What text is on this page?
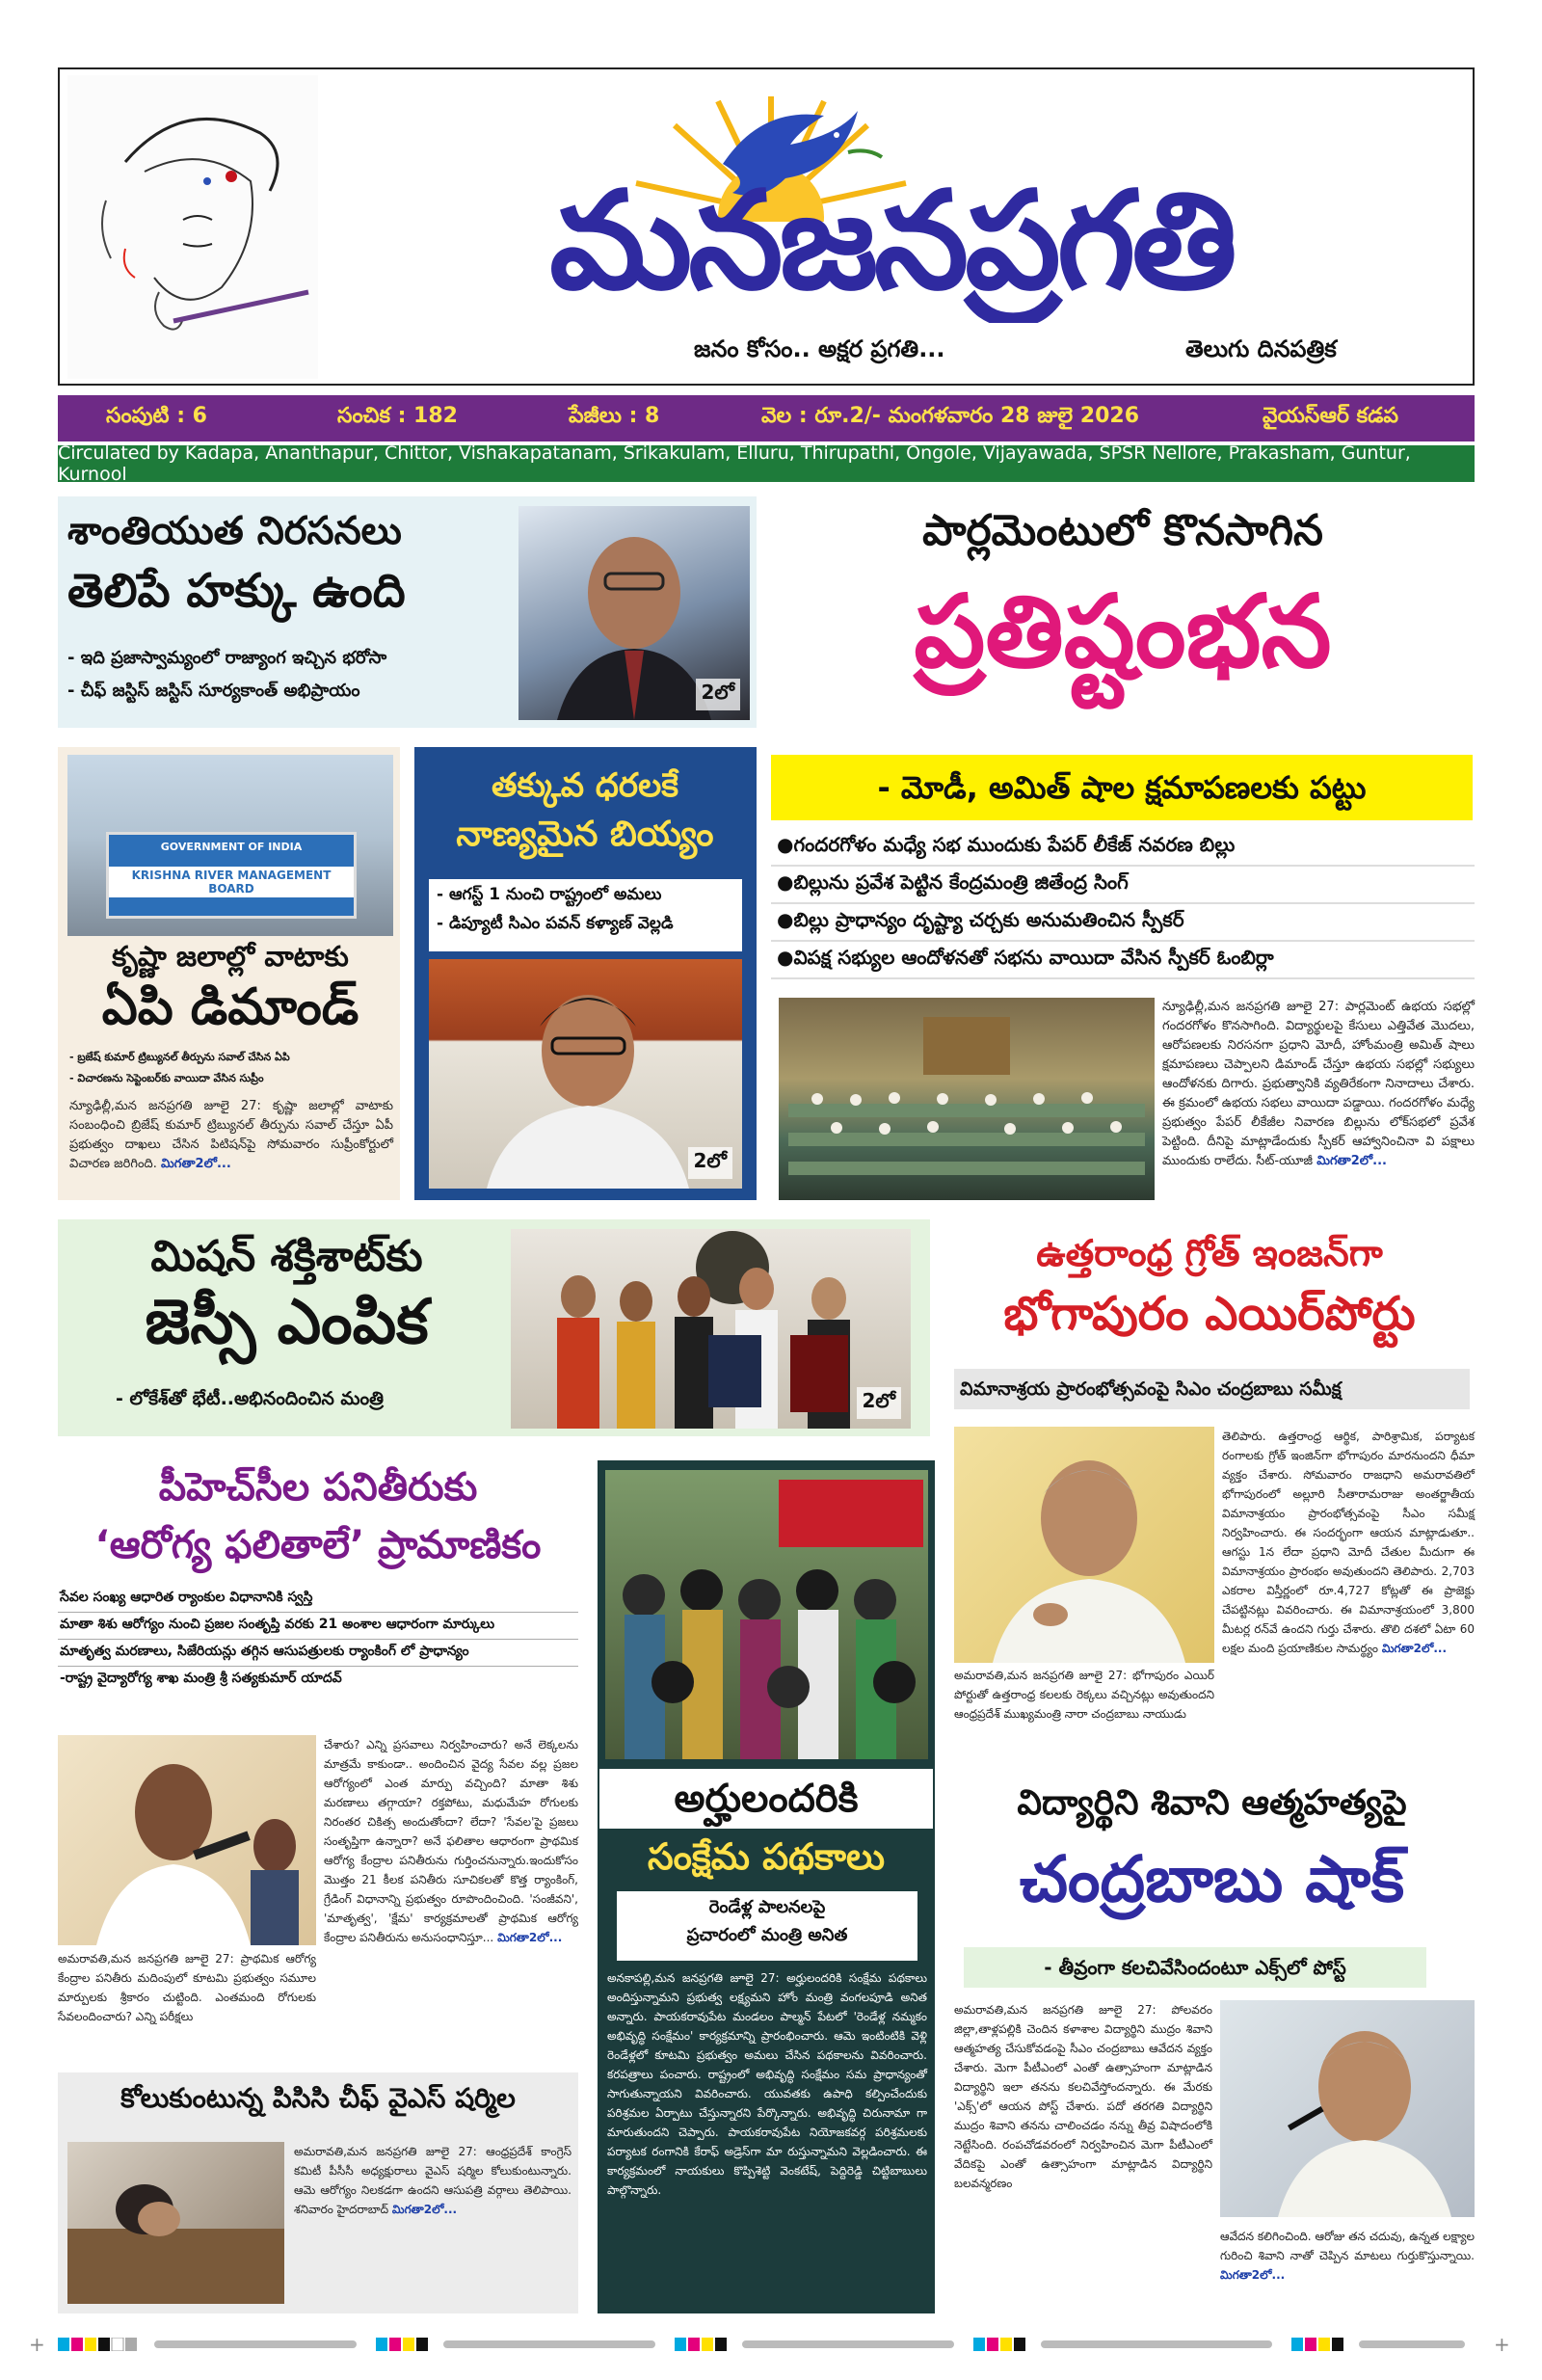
మనజనప్రగతి
జనం కోసం.. అక్షర ప్రగతి...	తెలుగు దినపత్రిక
సంపుటి : 6	సంచిక : 182	పేజీలు : 8	వెల : రూ.2/- మంగళవారం 28 జులై 2026	వైయస్ఆర్ కడప
Circulated by Kadapa, Ananthapur, Chittor, Vishakapatanam, Srikakulam, Elluru, Thirupathi, Ongole, Vijayawada, SPSR Nellore, Prakasham, Guntur, Kurnool
శాంతియుత నిరసనలు
తెలిపే హక్కు ఉంది
- ఇది ప్రజాస్వామ్యంలో రాజ్యాంగ ఇచ్చిన భరోసా
- చీఫ్ జస్టిస్ జస్టిస్ సూర్యకాంత్ అభిప్రాయం	2లో
పార్లమెంటులో కొనసాగిన
ప్రతిష్టంభన
GOVERNMENT OF INDIA
KRISHNA RIVER MANAGEMENT BOARD
కృష్ణా జలాల్లో వాటాకు
ఏపి డిమాండ్
- బ్రజేష్ కుమార్ ట్రిబ్యునల్ తీర్పును సవాల్ చేసిన ఏపి
- విచారణను సెప్టెంబర్‌కు వాయిదా వేసిన సుప్రీం
న్యూఢిల్లీ,మన జనప్రగతి జూలై 27: కృష్ణా జలాల్లో వాటాకు సంబంధించి బ్రిజేష్ కుమార్ ట్రిబ్యునల్ తీర్పును సవాల్ చేస్తూ ఏపీ ప్రభుత్వం దాఖలు చేసిన పిటిషన్‌పై సోమవారం సుప్రీంకోర్టులో విచారణ జరిగింది. మిగతా2లో...
తక్కువ ధరలకే
నాణ్యమైన బియ్యం
- ఆగస్ట్ 1 నుంచి రాష్ట్రంలో అమలు
- డిప్యూటీ సిఎం పవన్ కళ్యాణ్ వెల్లడి
2లో
- మోడీ, అమిత్ షాల క్షమాపణలకు పట్టు
●గందరగోళం మధ్యే సభ ముందుకు పేపర్ లీకేజ్ నవరణ బిల్లు
●బిల్లును ప్రవేశ పెట్టిన కేంద్రమంత్రి జితేంద్ర సింగ్
●బిల్లు ప్రాధాన్యం దృష్ట్యా చర్చకు అనుమతించిన స్పీకర్
●విపక్ష సభ్యుల ఆందోళనతో సభను వాయిదా వేసిన స్పీకర్ ఓంబిర్లా
న్యూఢిల్లీ,మన జనప్రగతి జూలై 27: పార్లమెంట్ ఉభయ సభల్లో గందరగోళం కొనసాగింది. విద్యార్థులపై కేసులు ఎత్తివేత మొదలు, ఆరోపణలకు నిరసనగా ప్రధాని మోదీ, హోంమంత్రి అమిత్ షాలు క్షమాపణలు చెప్పాలని డిమాండ్ చేస్తూ ఉభయ సభల్లో సభ్యులు ఆందోళనకు దిగారు. ప్రభుత్వానికి వ్యతిరేకంగా నినాదాలు చేశారు. ఈ క్రమంలో ఉభయ సభలు వాయిదా పడ్డాయి. గందరగోళం మధ్యే ప్రభుత్వం పేపర్ లీకేజీల నివారణ బిల్లును లోక్‌సభలో ప్రవేశ పెట్టింది. దీనిపై మాట్లాడేందుకు స్పీకర్ ఆహ్వానించినా వి పక్షాలు ముందుకు రాలేదు. సీట్-యూజీ మిగతా2లో...
మిషన్ శక్తిశాట్‌కు
జెస్సీ ఎంపిక
- లోకేశ్‌తో భేటీ..అభినందించిన మంత్రి	2లో
ఉత్తరాంధ్ర గ్రోత్ ఇంజన్‌గా
భోగాపురం ఎయిర్‌పోర్టు
విమానాశ్రయ ప్రారంభోత్సవంపై సిఎం చంద్రబాబు సమీక్ష
పీహెచ్‌సీల పనితీరుకు
‘ఆరోగ్య ఫలితాలే’ ప్రామాణికం
సేవల సంఖ్య ఆధారిత ర్యాంకుల విధానానికి స్వస్తి
మాతా శిశు ఆరోగ్యం నుంచి ప్రజల సంతృప్తి వరకు 21 అంశాల ఆధారంగా మార్కులు
మాతృత్వ మరణాలు, సిజేరియన్లు తగ్గిన ఆసుపత్రులకు ర్యాంకింగ్ లో ప్రాధాన్యం
-రాష్ట్ర వైద్యారోగ్య శాఖ మంత్రి శ్రీ సత్యకుమార్ యాదవ్
అమరావతి,మన జనప్రగతి జూలై 27: ప్రాథమిక ఆరోగ్య కేంద్రాల పనితీరు మదింపులో కూటమి ప్రభుత్వం సమూల మార్పులకు శ్రీకారం చుట్టింది. ఎంతమంది రోగులకు సేవలందించారు? ఎన్ని పరీక్షలు
చేశారు? ఎన్ని ప్రసవాలు నిర్వహించారు? అనే లెక్కలను మాత్రమే కాకుండా.. అందించిన వైద్య సేవల వల్ల ప్రజల ఆరోగ్యంలో ఎంత మార్పు వచ్చింది? మాతా శిశు మరణాలు తగ్గాయా? రక్తపోటు, మధుమేహ రోగులకు నిరంతర చికిత్స అందుతోందా? లేదా? 'సేవల'పై ప్రజలు సంతృప్తిగా ఉన్నారా? అనే ఫలితాల ఆధారంగా ప్రాథమిక ఆరోగ్య కేంద్రాల పనితీరును గుర్తించనున్నారు.ఇందుకోసం మొత్తం 21 కీలక పనితీరు సూచికలతో కొత్త ర్యాంకింగ్, గ్రేడింగ్ విధానాన్ని ప్రభుత్వం రూపొందించింది. 'సంజీవని', 'మాతృత్వ', 'క్షేమ' కార్యక్రమాలతో ప్రాథమిక ఆరోగ్య కేంద్రాల పనితీరును అనుసంధానిస్తూ... మిగతా2లో...
అర్హులందరికి
సంక్షేమ పథకాలు
రెండేళ్ల పాలనలపై
ప్రచారంలో మంత్రి అనిత
అనకాపల్లి,మన జనప్రగతి జూలై 27: అర్హులందరికి సంక్షేమ పథకాలు అందిస్తున్నామని ప్రభుత్వ లక్ష్యమని హోం మంత్రి వంగలపూడి అనిత అన్నారు. పాయకరావుపేట మండలం పాల్మన్ పేటలో 'రెండేళ్ల నమ్మకం అభివృద్ధి సంక్షేమం' కార్యక్రమాన్ని ప్రారంభించారు. ఆమె ఇంటింటికి వెళ్లి రెండేళ్లలో కూటమి ప్రభుత్వం అమలు చేసిన పథకాలను వివరించారు. కరపత్రాలు పంచారు. రాష్ట్రంలో అభివృద్ధి సంక్షేమం సమ ప్రాధాన్యంతో సాగుతున్నాయని వివరించారు. యువతకు ఉపాధి కల్పించేందుకు పరిశ్రమల ఏర్పాటు చేస్తున్నారని పేర్కొన్నారు. అభివృద్ధి చిరునామా గా మారుతుందని చెప్పారు. పాయకరావుపేట నియోజకవర్గ పరిశ్రమలకు పర్యాటక రంగానికి కేరాఫ్ అడ్రెస్‌గా మా రుస్తున్నామని వెల్లడించారు. ఈ కార్యక్రమంలో నాయకులు కొప్పిశెట్టి వెంకటేష్, పెద్దిరెడ్డి చిట్టిబాబులు పాల్గొన్నారు.
తెలిపారు. ఉత్తరాంధ్ర ఆర్థిక, పారిశ్రామిక, పర్యాటక రంగాలకు గ్రోత్ ఇంజిన్‌గా భోగాపురం మారనుందని ధీమా వ్యక్తం చేశారు. సోమవారం రాజధాని అమరావతిలో భోగాపురంలో అల్లూరి సీతారామరాజు అంతర్జాతీయ విమానాశ్రయం ప్రారంభోత్సవంపై సీఎం సమీక్ష నిర్వహించారు. ఈ సందర్భంగా ఆయన మాట్లాడుతూ.. ఆగస్టు 1న లేదా ప్రధాని మోదీ చేతుల మీదుగా ఈ విమానాశ్రయం ప్రారంభం అవుతుందని తెలిపారు. 2,703 ఎకరాల విస్తీర్ణంలో రూ.4,727 కోట్లతో ఈ ప్రాజెక్టు చేపట్టినట్లు వివరించారు. ఈ విమానాశ్రయంలో 3,800 మీటర్ల రన్‌వే ఉందని గుర్తు చేశారు. తొలి దశలో ఏటా 60 లక్షల మంది ప్రయాణికుల సామర్థ్యం మిగతా2లో...
అమరావతి,మన జనప్రగతి జూలై 27: భోగాపురం ఎయిర్ పోర్టుతో ఉత్తరాంధ్ర కలలకు రెక్కలు వచ్చినట్లు అవుతుందని ఆంధ్రప్రదేశ్ ముఖ్యమంత్రి నారా చంద్రబాబు నాయుడు
విద్యార్థిని శివాని ఆత్మహత్యపై
చంద్రబాబు షాక్
- తీవ్రంగా కలచివేసిందంటూ ఎక్స్‌లో పోస్ట్
అమరావతి,మన జనప్రగతి జూలై 27: పోలవరం జిల్లా,తాళ్లపల్లికి చెందిన కళాశాల విద్యార్థిని ముద్రం శివాని ఆత్మహత్య చేసుకోవడంపై సీఎం చంద్రబాబు ఆవేదన వ్యక్తం చేశారు. మెగా పీటీఎంలో ఎంతో ఉత్సాహంగా మాట్లాడిన విద్యార్థిని ఇలా తనను కలచివేస్తోందన్నారు. ఈ మేరకు 'ఎక్స్'లో ఆయన పోస్ట్ చేశారు. పదో తరగతి విద్యార్థిని ముద్రం శివాని తనను చాలించడం నన్ను తీవ్ర విషాదంలోకి నెట్టేసింది. రంపచోడవరంలో నిర్వహించిన మెగా పీటీఎంలో వేదికపై ఎంతో ఉత్సాహంగా మాట్లాడిన విద్యార్థిని బలవన్మరణం
ఆవేదన కలిగించింది. ఆరోజు తన చదువు, ఉన్నత లక్ష్యాల గురించి శివాని నాతో చెప్పిన మాటలు గుర్తుకొస్తున్నాయి. మిగతా2లో...
కోలుకుంటున్న పిసిసి చీఫ్ వైఎస్ షర్మిల
అమరావతి,మన జనప్రగతి జూలై 27: ఆంధ్రప్రదేశ్ కాంగ్రెస్ కమిటీ పీసీసీ అధ్యక్షురాలు వైఎస్ షర్మిల కోలుకుంటున్నారు. ఆమె ఆరోగ్యం నిలకడగా ఉందని ఆసుపత్రి వర్గాలు తెలిపాయి. శనివారం హైదరాబాద్ మిగతా2లో...
+	+
